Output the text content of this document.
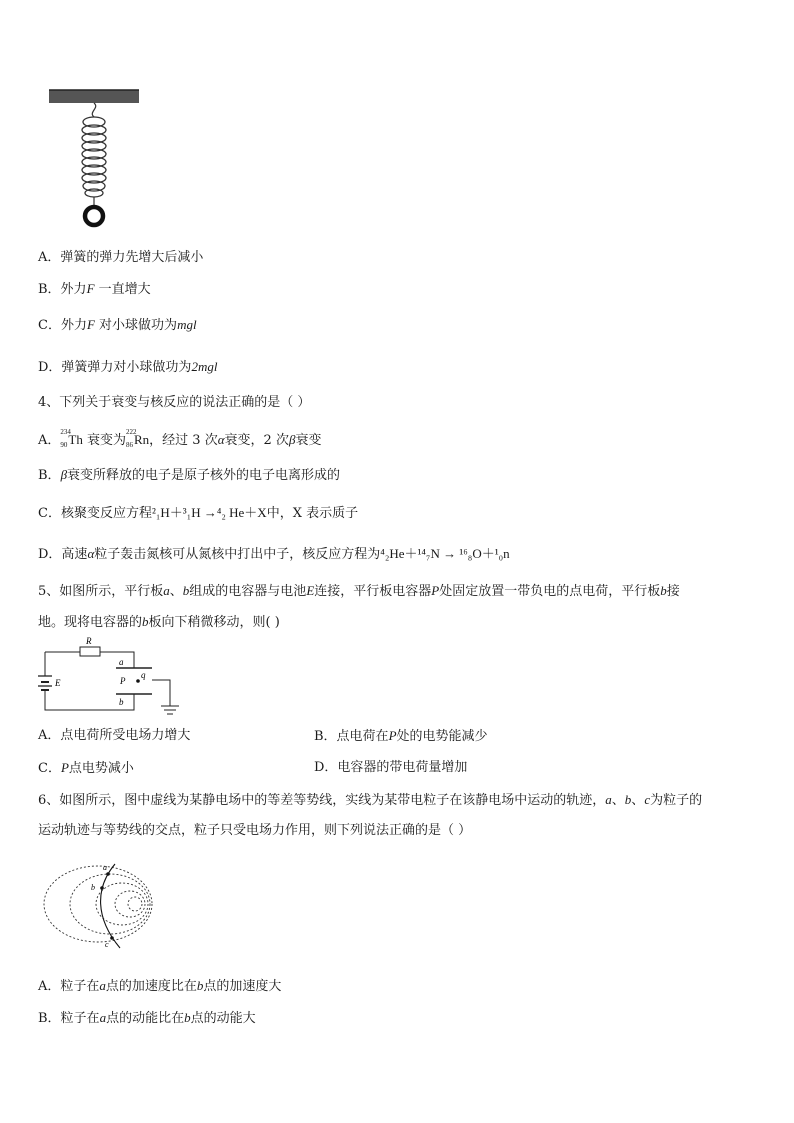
A．弹簧的弹力先增大后减小
B．外力F 一直增大
C．外力F 对小球做功为mgl
D．弹簧弹力对小球做功为2mgl
4、下列关于衰变与核反应的说法正确的是（ ）
A．
234
90 Th 衰变为
222
86 Rn，经过 3 次α衰变，2 次β衰变
B．β衰变所释放的电子是原子核外的电子电离形成的
C．核聚变反应方程²₁H＋³₁H →⁴₂ He＋X中，X 表示质子
D．高速α粒子轰击氮核可从氮核中打出中子，核反应方程为⁴₂He＋¹⁴₇N → ¹⁶₈O＋¹₀n
5、如图所示，平行板a、b组成的电容器与电池E连接，平行板电容器P处固定放置一带负电的点电荷，平行板b接
地。现将电容器的b板向下稍微移动，则( )
R
a
P
q
E
b
A．点电荷所受电场力增大	B．点电荷在P处的电势能减少
C．P点电势减小	D．电容器的带电荷量增加
6、如图所示，图中虚线为某静电场中的等差等势线，实线为某带电粒子在该静电场中运动的轨迹，a、b、c为粒子的
运动轨迹与等势线的交点，粒子只受电场力作用，则下列说法正确的是（ ）
a
b
c
A．粒子在a点的加速度比在b点的加速度大
B．粒子在a点的动能比在b点的动能大
